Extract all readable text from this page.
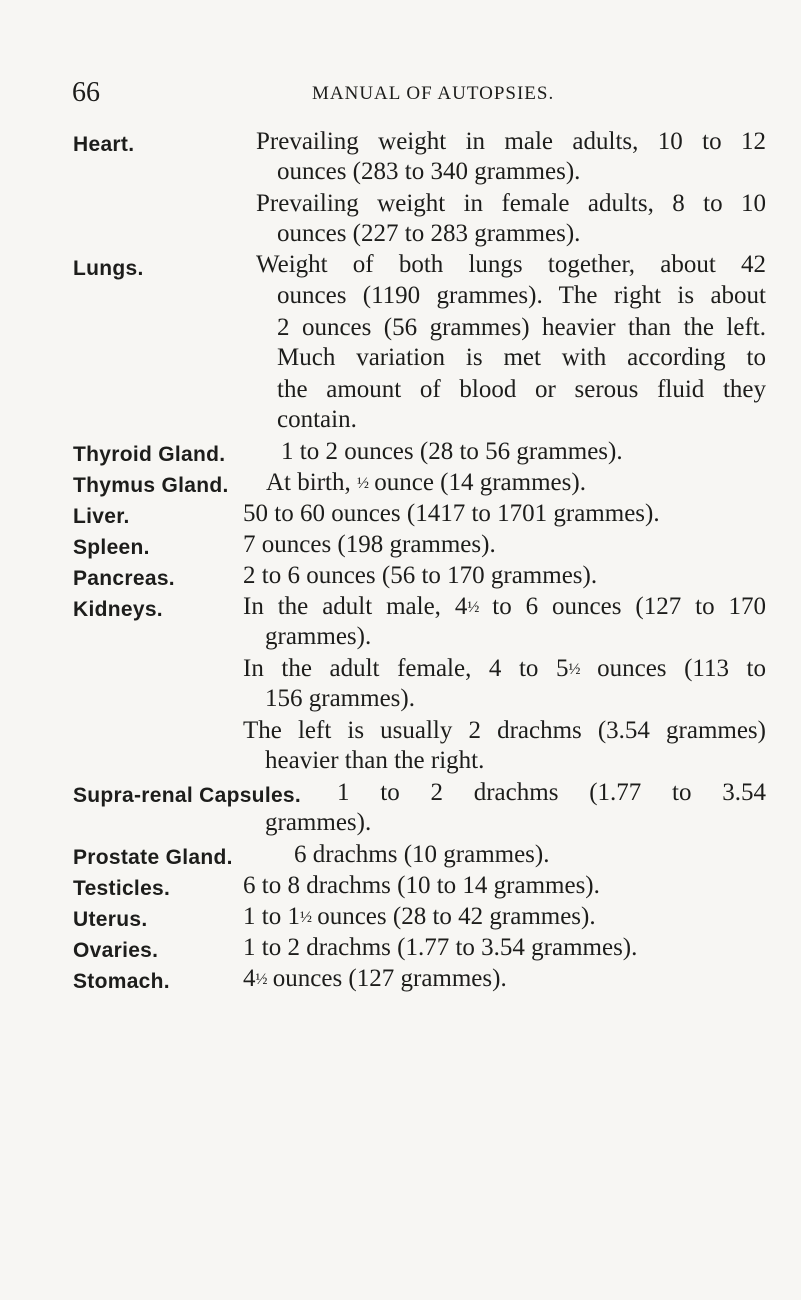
66	MANUAL OF AUTOPSIES.
Heart.	Prevailing weight in male adults, 10 to 12
ounces (283 to 340 grammes).
Prevailing weight in female adults, 8 to 10
ounces (227 to 283 grammes).
Lungs.	Weight of both lungs together, about 42
ounces (1190 grammes). The right is about
2 ounces (56 grammes) heavier than the left.
Much variation is met with according to
the amount of blood or serous fluid they
contain.
Thyroid Gland. 1 to 2 ounces (28 to 56 grammes).
Thymus Gland. At birth, ½ ounce (14 grammes).
Liver.	50 to 60 ounces (1417 to 1701 grammes).
Spleen.	7 ounces (198 grammes).
Pancreas.	2 to 6 ounces (56 to 170 grammes).
Kidneys.	In the adult male, 4½ to 6 ounces (127 to 170
grammes).
In the adult female, 4 to 5½ ounces (113 to
156 grammes).
The left is usually 2 drachms (3.54 grammes)
heavier than the right.
Supra-renal Capsules. 1 to 2 drachms (1.77 to 3.54
grammes).
Prostate Gland. 6 drachms (10 grammes).
Testicles.	6 to 8 drachms (10 to 14 grammes).
Uterus.	1 to 1½ ounces (28 to 42 grammes).
Ovaries.	1 to 2 drachms (1.77 to 3.54 grammes).
Stomach.	4½ ounces (127 grammes).
